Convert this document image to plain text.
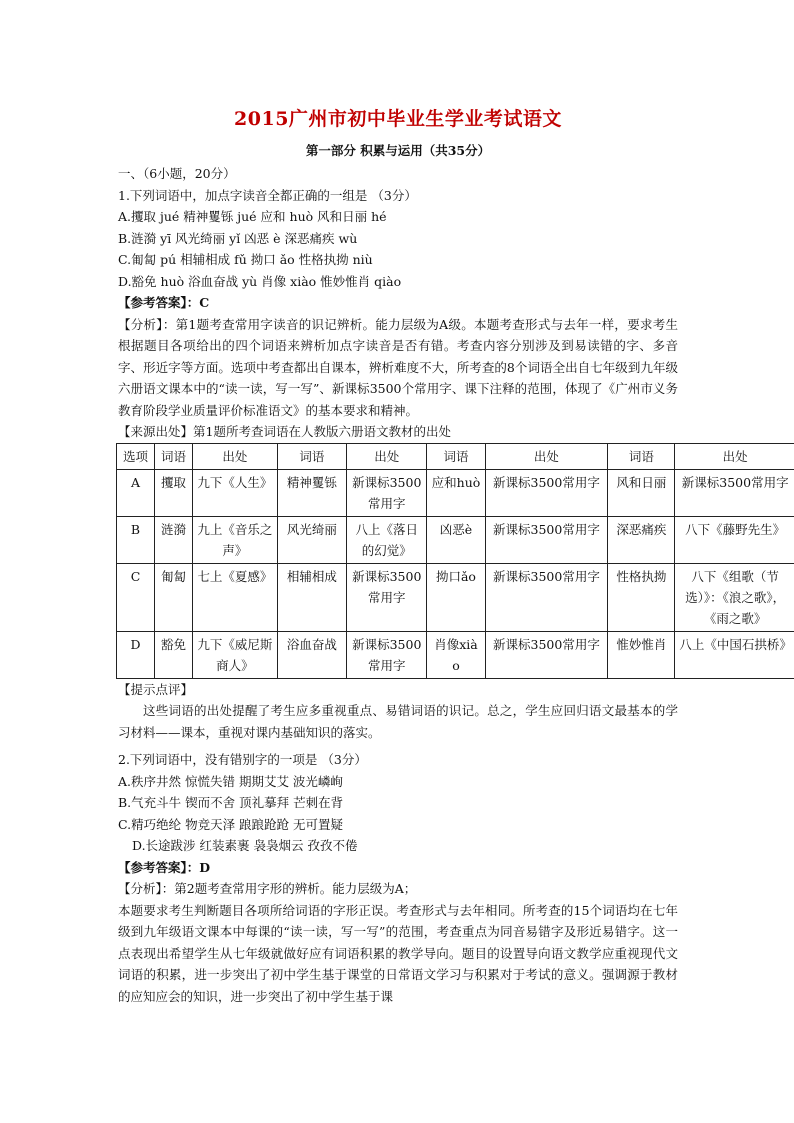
2015广州市初中毕业生学业考试语文
第一部分 积累与运用（共35分）
一、（6小题，20分）
1.下列词语中，加点字读音全都正确的一组是 （3分）
A.攫取 jué 精神矍铄 jué 应和 huò 风和日丽 hé
B.涟漪 yī 风光绮丽 yǐ 凶恶 è 深恶痛疾 wù
C.匍匐 pú 相辅相成 fǔ 拗口 ǎo 性格执拗 niù
D.豁免 huò 浴血奋战 yù 肖像 xiào 惟妙惟肖 qiào
【参考答案】：C
【分析】：第1题考查常用字读音的识记辨析。能力层级为A级。本题考查形式与去年一样，要求考生根据题目各项给出的四个词语来辨析加点字读音是否有错。考查内容分别涉及到易读错的字、多音字、形近字等方面。选项中考查都出自课本，辨析难度不大，所考查的8个词语全出自七年级到九年级六册语文课本中的“读一读，写一写”、新课标3500个常用字、课下注释的范围，体现了《广州市义务教育阶段学业质量评价标准语文》的基本要求和精神。
【来源出处】第1题所考查词语在人教版六册语文教材的出处
选项	词语	出处	词语	出处	词语	出处	词语	出处
A	攫取	九下《人生》	精神矍铄	新课标3500常用字	应和huò	新课标3500常用字	风和日丽	新课标3500常用字
B	涟漪	九上《音乐之声》	风光绮丽	八上《落日的幻觉》	凶恶è	新课标3500常用字	深恶痛疾	八下《藤野先生》
C	匍匐	七上《夏感》	相辅相成	新课标3500常用字	拗口ǎo	新课标3500常用字	性格执拗	八下《组歌（节选）》：《浪之歌》，《雨之歌》
D	豁免	九下《威尼斯商人》	浴血奋战	新课标3500常用字	肖像xiào	新课标3500常用字	惟妙惟肖	八上《中国石拱桥》
【提示点评】
这些词语的出处提醒了考生应多重视重点、易错词语的识记。总之，学生应回归语文最基本的学习材料——课本，重视对课内基础知识的落实。
2.下列词语中，没有错别字的一项是 （3分）
A.秩序井然 惊慌失错 期期艾艾 波光嶙峋
B.气充斗牛 锲而不舍 顶礼摹拜 芒刺在背
C.精巧绝纶 物竞天泽 踉踉跄跄 无可置疑
D.长途跋涉 红装素裹 袅袅烟云 孜孜不倦
【参考答案】：D
【分析】：第2题考查常用字形的辨析。能力层级为A；
本题要求考生判断题目各项所给词语的字形正误。考查形式与去年相同。所考查的15个词语均在七年级到九年级语文课本中每课的“读一读，写一写”的范围，考查重点为同音易错字及形近易错字。这一点表现出希望学生从七年级就做好应有词语积累的教学导向。题目的设置导向语文教学应重视现代文词语的积累，进一步突出了初中学生基于课堂的日常语文学习与积累对于考试的意义。强调源于教材的应知应会的知识，进一步突出了初中学生基于课
